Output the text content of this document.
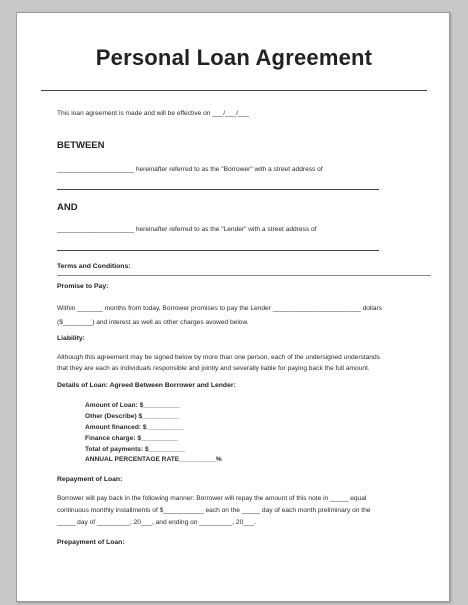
Personal Loan Agreement
This loan agreement is made and will be effective on ___/___/___
BETWEEN
_____________________ hereinafter referred to as the "Borrower" with a street address of
AND
_____________________ hereinafter referred to as the "Lender" with a street address of
Terms and Conditions:
Promise to Pay:
Within _______ months from today, Borrower promises to pay the Lender ________________________ dollars
($________) and interest as well as other charges avowed below.
Liability:
Although this agreement may be signed below by more than one person, each of the undersigned understands
that they are each as individuals responsible and jointly and severally liable for paying back the full amount.
Details of Loan: Agreed Between Borrower and Lender:
Amount of Loan: $__________
Other (Describe) $__________
Amount financed: $__________
Finance charge: $__________
Total of payments: $__________
ANNUAL PERCENTAGE RATE__________%
Repayment of Loan:
Borrower will pay back in the following manner: Borrower will repay the amount of this note in _____ equal
continuous monthly installments of $___________ each on the _____ day of each month preliminary on the
_____ day of _________, 20___, and ending on _________, 20___.
Prepayment of Loan:
